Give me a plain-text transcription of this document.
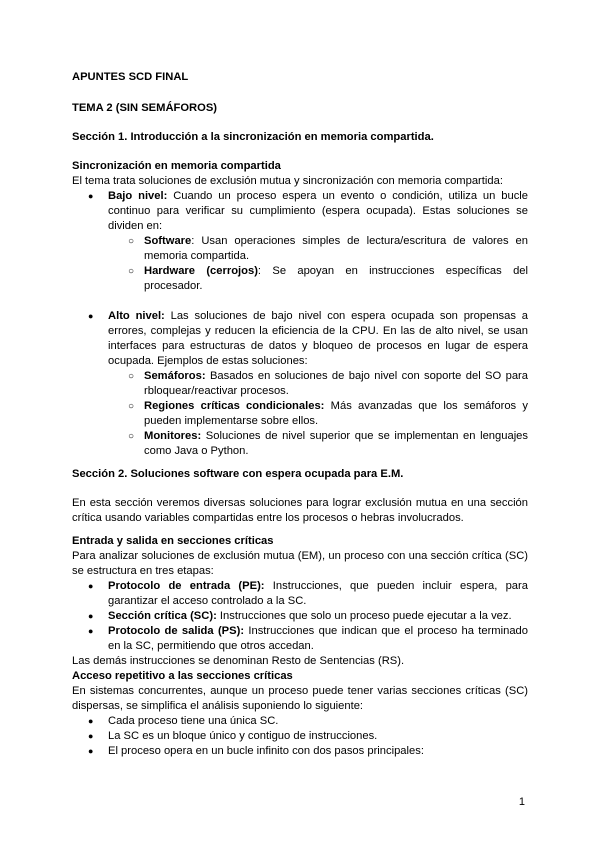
APUNTES SCD FINAL

TEMA 2 (SIN SEMÁFOROS)

Sección 1. Introducción a la sincronización en memoria compartida.

Sincronización en memoria compartida

El tema trata soluciones de exclusión mutua y sincronización con memoria compartida:

● Bajo nivel: Cuando un proceso espera un evento o condición, utiliza un bucle continuo para verificar su cumplimiento (espera ocupada). Estas soluciones se dividen en:
○ Software: Usan operaciones simples de lectura/escritura de valores en memoria compartida.
○ Hardware (cerrojos): Se apoyan en instrucciones específicas del procesador.
● Alto nivel: Las soluciones de bajo nivel con espera ocupada son propensas a errores, complejas y reducen la eficiencia de la CPU. En las de alto nivel, se usan interfaces para estructuras de datos y bloqueo de procesos en lugar de espera ocupada. Ejemplos de estas soluciones:
○ Semáforos: Basados en soluciones de bajo nivel con soporte del SO para rbloquear/reactivar procesos.
○ Regiones críticas condicionales: Más avanzadas que los semáforos y pueden implementarse sobre ellos.
○ Monitores: Soluciones de nivel superior que se implementan en lenguajes como Java o Python.

Sección 2. Soluciones software con espera ocupada para E.M.

En esta sección veremos diversas soluciones para lograr exclusión mutua en una sección crítica usando variables compartidas entre los procesos o hebras involucrados.

Entrada y salida en secciones críticas

Para analizar soluciones de exclusión mutua (EM), un proceso con una sección crítica (SC) se estructura en tres etapas:

● Protocolo de entrada (PE): Instrucciones, que pueden incluir espera, para garantizar el acceso controlado a la SC.
● Sección crítica (SC): Instrucciones que solo un proceso puede ejecutar a la vez.
● Protocolo de salida (PS): Instrucciones que indican que el proceso ha terminado en la SC, permitiendo que otros accedan.

Las demás instrucciones se denominan Resto de Sentencias (RS).

Acceso repetitivo a las secciones críticas

En sistemas concurrentes, aunque un proceso puede tener varias secciones críticas (SC) dispersas, se simplifica el análisis suponiendo lo siguiente:

● Cada proceso tiene una única SC.
● La SC es un bloque único y contiguo de instrucciones.
● El proceso opera en un bucle infinito con dos pasos principales:
1
